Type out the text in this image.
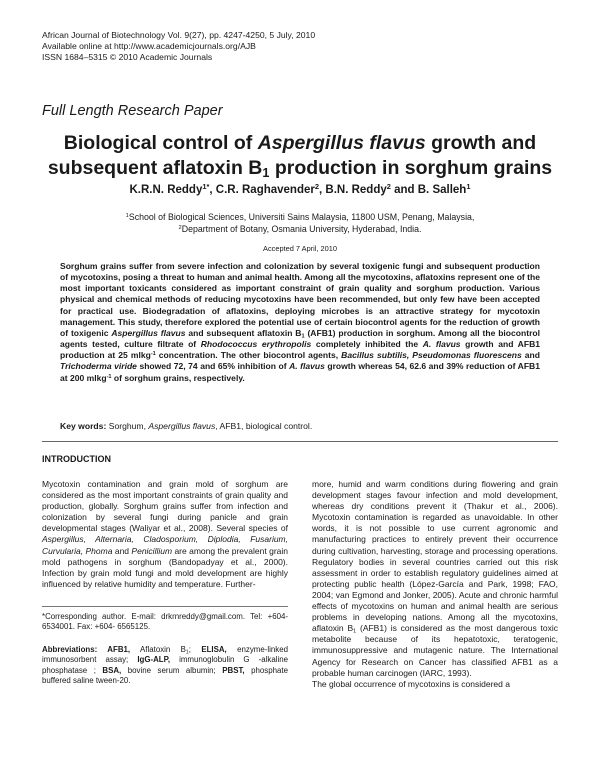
African Journal of Biotechnology Vol. 9(27), pp. 4247-4250, 5 July, 2010
Available online at http://www.academicjournals.org/AJB
ISSN 1684–5315 © 2010 Academic Journals
Full Length Research Paper
Biological control of Aspergillus flavus growth and
subsequent aflatoxin $B_1$ production in sorghum grains
K.R.N. Reddy$^{1*}$, C.R. Raghavender$^2$, B.N. Reddy$^2$ and B. Salleh$^1$
$^1$School of Biological Sciences, Universiti Sains Malaysia, 11800 USM, Penang, Malaysia,
$^2$Department of Botany, Osmania University, Hyderabad, India.
Accepted 7 April, 2010
Sorghum grains suffer from severe infection and colonization by several toxigenic fungi and subsequent production of mycotoxins, posing a threat to human and animal health. Among all the mycotoxins, aflatoxins represent one of the most important toxicants considered as important constraint of grain quality and sorghum production. Various physical and chemical methods of reducing mycotoxins have been recommended, but only few have been accepted for practical use. Biodegradation of aflatoxins, deploying microbes is an attractive strategy for mycotoxin management. This study, therefore explored the potential use of certain biocontrol agents for the reduction of growth of toxigenic Aspergillus flavus and subsequent aflatoxin $B_1$ (AFB1) production in sorghum. Among all the biocontrol agents tested, culture filtrate of Rhodococcus erythropolis completely inhibited the A. flavus growth and AFB1 production at 25 mlkg$^{-1}$ concentration. The other biocontrol agents, Bacillus subtilis, Pseudomonas fluorescens and Trichoderma viride showed 72, 74 and 65% inhibition of A. flavus growth whereas 54, 62.6 and 39% reduction of AFB1 at 200 mlkg$^{-1}$ of sorghum grains, respectively.
Key words: Sorghum, Aspergillus flavus, AFB1, biological control.
INTRODUCTION

Mycotoxin contamination and grain mold of sorghum are considered as the most important constraints of grain quality and production, globally. Sorghum grains suffer from infection and colonization by several fungi during panicle and grain developmental stages (Waliyar et al., 2008). Several species of Aspergillus, Alternaria, Cladosporium, Diplodia, Fusarium, Curvularia, Phoma and Penicillium are among the prevalent grain mold pathogens in sorghum (Bandopadyay et al., 2000). Infection by grain mold fungi and mold development are highly influenced by relative humidity and temperature. Further-

*Corresponding author. E-mail: drkrnreddy@gmail.com. Tel: +604-6534001. Fax: +604- 6565125.

Abbreviations: AFB1, Aflatoxin $B_1$; ELISA, enzyme-linked immunosorbent assay; IgG-ALP, immunoglobulin G -alkaline phosphatase ; BSA, bovine serum albumin; PBST, phosphate buffered saline tween-20.

more, humid and warm conditions during flowering and grain development stages favour infection and mold development, whereas dry conditions prevent it (Thakur et al., 2006). Mycotoxin contamination is regarded as unavoidable. In other words, it is not possible to use current agronomic and manufacturing practices to entirely prevent their occurrence during cultivation, harvesting, storage and processing operations. Regulatory bodies in several countries carried out this risk assessment in order to establish regulatory guidelines aimed at protecting public health (López-García and Park, 1998; FAO, 2004; van Egmond and Jonker, 2005). Acute and chronic harmful effects of mycotoxins on human and animal health are serious problems in developing nations. Among all the mycotoxins, aflatoxin $B_1$ (AFB1) is considered as the most dangerous toxic metabolite because of its hepatotoxic, teratogenic, immunosuppressive and mutagenic nature. The International Agency for Research on Cancer has classified AFB1 as a probable human carcinogen (IARC, 1993).

The global occurrence of mycotoxins is considered a
